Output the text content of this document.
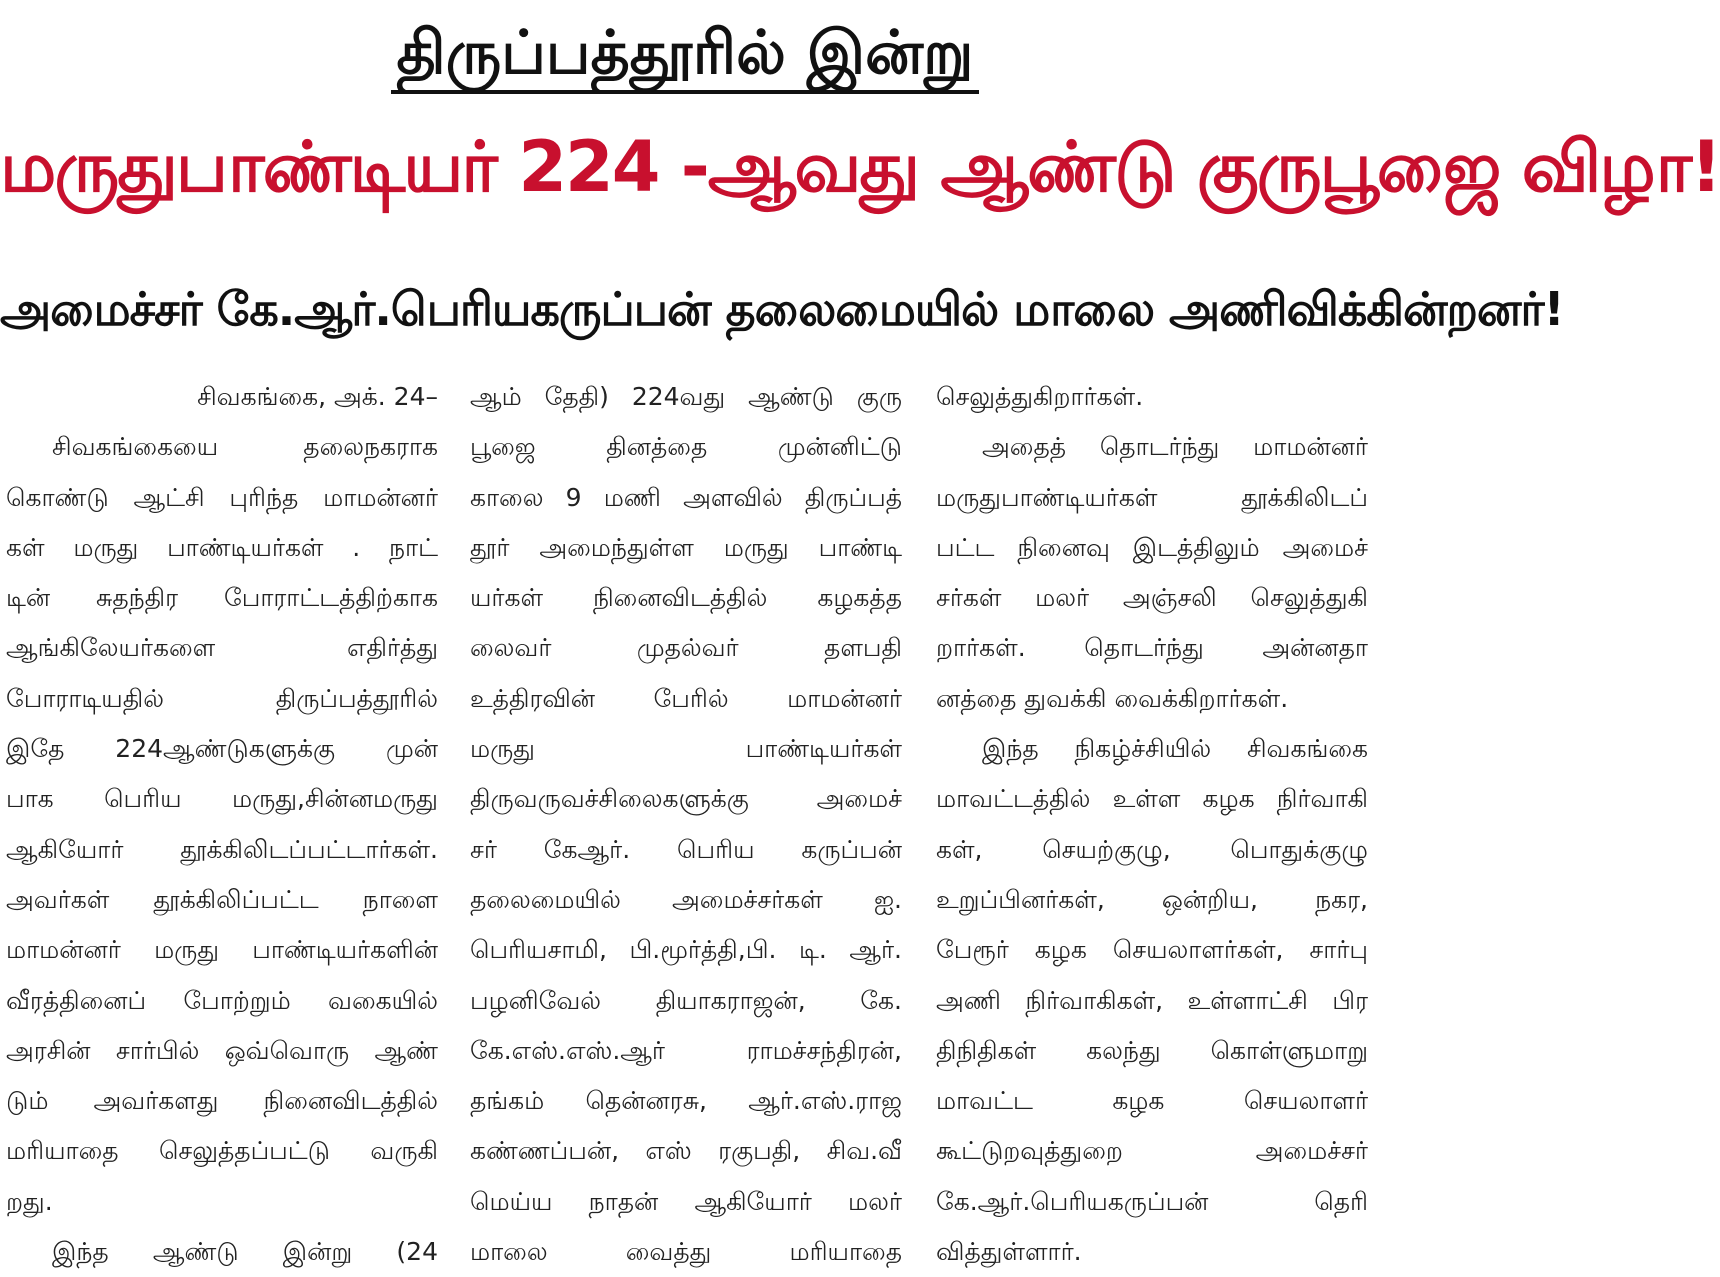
திருப்பத்தூரில் இன்று
மருதுபாண்டியர் 224 -ஆவது ஆண்டு குருபூஜை விழா!
அமைச்சர் கே.ஆர்.பெரியகருப்பன் தலைமையில் மாலை அணிவிக்கின்றனர்!
சிவகங்கை, அக். 24–
சிவகங்கையை தலைநகராக
கொண்டு ஆட்சி புரிந்த மாமன்னர்
கள் மருது பாண்டியர்கள் . நாட்
டின் சுதந்திர போராட்டத்திற்காக
ஆங்கிலேயர்களை எதிர்த்து
போராடியதில் திருப்பத்தூரில்
இதே 224ஆண்டுகளுக்கு முன்
பாக பெரிய மருது,சின்னமருது
ஆகியோர் தூக்கிலிடப்பட்டார்கள்.
அவர்கள் தூக்கிலிப்பட்ட நாளை
மாமன்னர் மருது பாண்டியர்களின்
வீரத்தினைப் போற்றும் வகையில்
அரசின் சார்பில் ஒவ்வொரு ஆண்
டும் அவர்களது நினைவிடத்தில்
மரியாதை செலுத்தப்பட்டு வருகி
றது.
இந்த ஆண்டு இன்று (24
ஆம் தேதி) 224வது ஆண்டு குரு
பூஜை தினத்தை முன்னிட்டு
காலை 9 மணி அளவில் திருப்பத்
தூர் அமைந்துள்ள மருது பாண்டி
யர்கள் நினைவிடத்தில் கழகத்த
லைவர் முதல்வர் தளபதி
உத்திரவின் பேரில் மாமன்னர்
மருது பாண்டியர்கள்
திருவருவச்சிலைகளுக்கு அமைச்
சர் கேஆர். பெரிய கருப்பன்
தலைமையில் அமைச்சர்கள் ஐ.
பெரியசாமி, பி.மூர்த்தி,பி. டி. ஆர்.
பழனிவேல் தியாகராஜன், கே.
கே.எஸ்.எஸ்.ஆர் ராமச்சந்திரன்,
தங்கம் தென்னரசு, ஆர்.எஸ்.ராஜ
கண்ணப்பன், எஸ் ரகுபதி, சிவ.வீ
மெய்ய நாதன் ஆகியோர் மலர்
மாலை வைத்து மரியாதை
செலுத்துகிறார்கள்.
அதைத் தொடர்ந்து மாமன்னர்
மருதுபாண்டியர்கள் தூக்கிலிடப்
பட்ட நினைவு இடத்திலும் அமைச்
சர்கள் மலர் அஞ்சலி செலுத்துகி
றார்கள். தொடர்ந்து அன்னதா
னத்தை துவக்கி வைக்கிறார்கள்.
இந்த நிகழ்ச்சியில் சிவகங்கை
மாவட்டத்தில் உள்ள கழக நிர்வாகி
கள், செயற்குழு, பொதுக்குழு
உறுப்பினர்கள், ஒன்றிய, நகர,
பேரூர் கழக செயலாளர்கள், சார்பு
அணி நிர்வாகிகள், உள்ளாட்சி பிர
திநிதிகள் கலந்து கொள்ளுமாறு
மாவட்ட கழக செயலாளர்
கூட்டுறவுத்துறை அமைச்சர்
கே.ஆர்.பெரியகருப்பன் தெரி
வித்துள்ளார்.
